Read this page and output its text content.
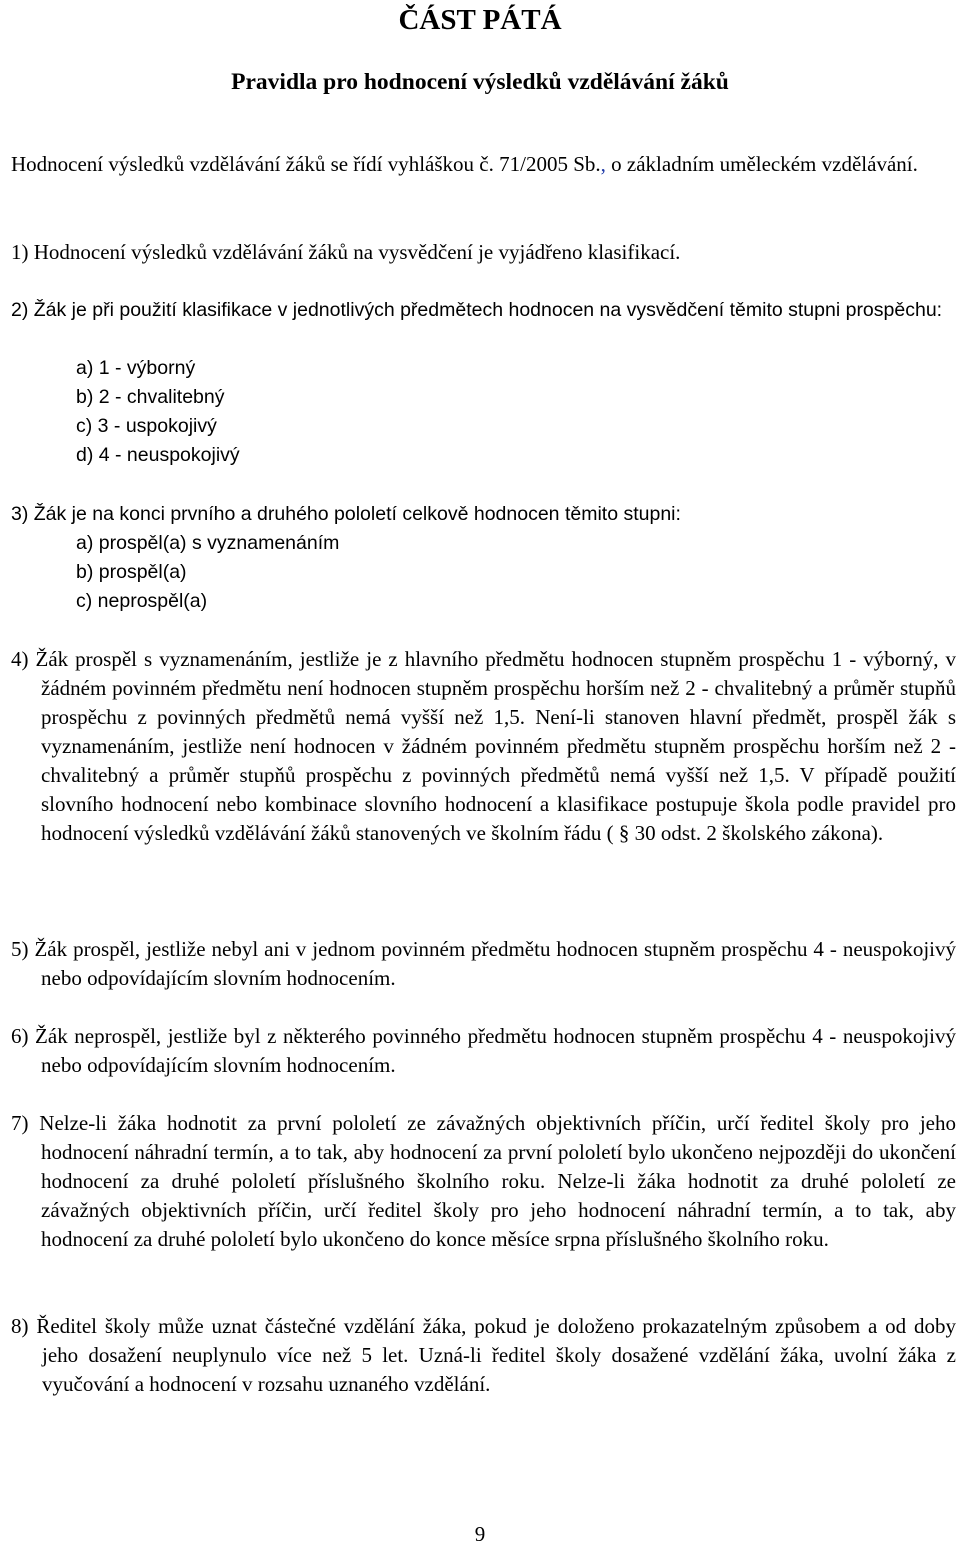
ČÁST PÁTÁ
Pravidla pro hodnocení výsledků vzdělávání žáků

Hodnocení výsledků vzdělávání žáků se řídí vyhláškou č. 71/2005 Sb., o základním uměleckém vzdělávání.

1) Hodnocení výsledků vzdělávání žáků na vysvědčení je vyjádřeno klasifikací.

2) Žák je při použití klasifikace v jednotlivých předmětech hodnocen na vysvědčení těmito stupni prospěchu:

a) 1 - výborný
b) 2 - chvalitebný
c) 3 - uspokojivý
d) 4 - neuspokojivý

3) Žák je na konci prvního a druhého pololetí celkově hodnocen těmito stupni:

a) prospěl(a) s vyznamenáním
b) prospěl(a)
c) neprospěl(a)

4) Žák prospěl s vyznamenáním, jestliže je z hlavního předmětu hodnocen stupněm prospěchu 1 - výborný, v žádném povinném předmětu není hodnocen stupněm prospěchu horším než 2 - chvalitebný a průměr stupňů prospěchu z povinných předmětů nemá vyšší než 1,5. Není-li stanoven hlavní předmět, prospěl žák s vyznamenáním, jestliže není hodnocen v žádném povinném předmětu stupněm prospěchu horším než 2 - chvalitebný a průměr stupňů prospěchu z povinných předmětů nemá vyšší než 1,5. V případě použití slovního hodnocení nebo kombinace slovního hodnocení a klasifikace postupuje škola podle pravidel pro hodnocení výsledků vzdělávání žáků stanovených ve školním řádu ( § 30 odst. 2 školského zákona).

5) Žák prospěl, jestliže nebyl ani v jednom povinném předmětu hodnocen stupněm prospěchu 4 - neuspokojivý nebo odpovídajícím slovním hodnocením.

6) Žák neprospěl, jestliže byl z některého povinného předmětu hodnocen stupněm prospěchu 4 - neuspokojivý nebo odpovídajícím slovním hodnocením.

7) Nelze-li žáka hodnotit za první pololetí ze závažných objektivních příčin, určí ředitel školy pro jeho hodnocení náhradní termín, a to tak, aby hodnocení za první pololetí bylo ukončeno nejpozději do ukončení hodnocení za druhé pololetí příslušného školního roku. Nelze-li žáka hodnotit za druhé pololetí ze závažných objektivních příčin, určí ředitel školy pro jeho hodnocení náhradní termín, a to tak, aby hodnocení za druhé pololetí bylo ukončeno do konce měsíce srpna příslušného školního roku.

8) Ředitel školy může uznat částečné vzdělání žáka, pokud je doloženo prokazatelným způsobem a od doby jeho dosažení neuplynulo více než 5 let. Uzná-li ředitel školy dosažené vzdělání žáka, uvolní žáka z vyučování a hodnocení v rozsahu uznaného vzdělání.

9
